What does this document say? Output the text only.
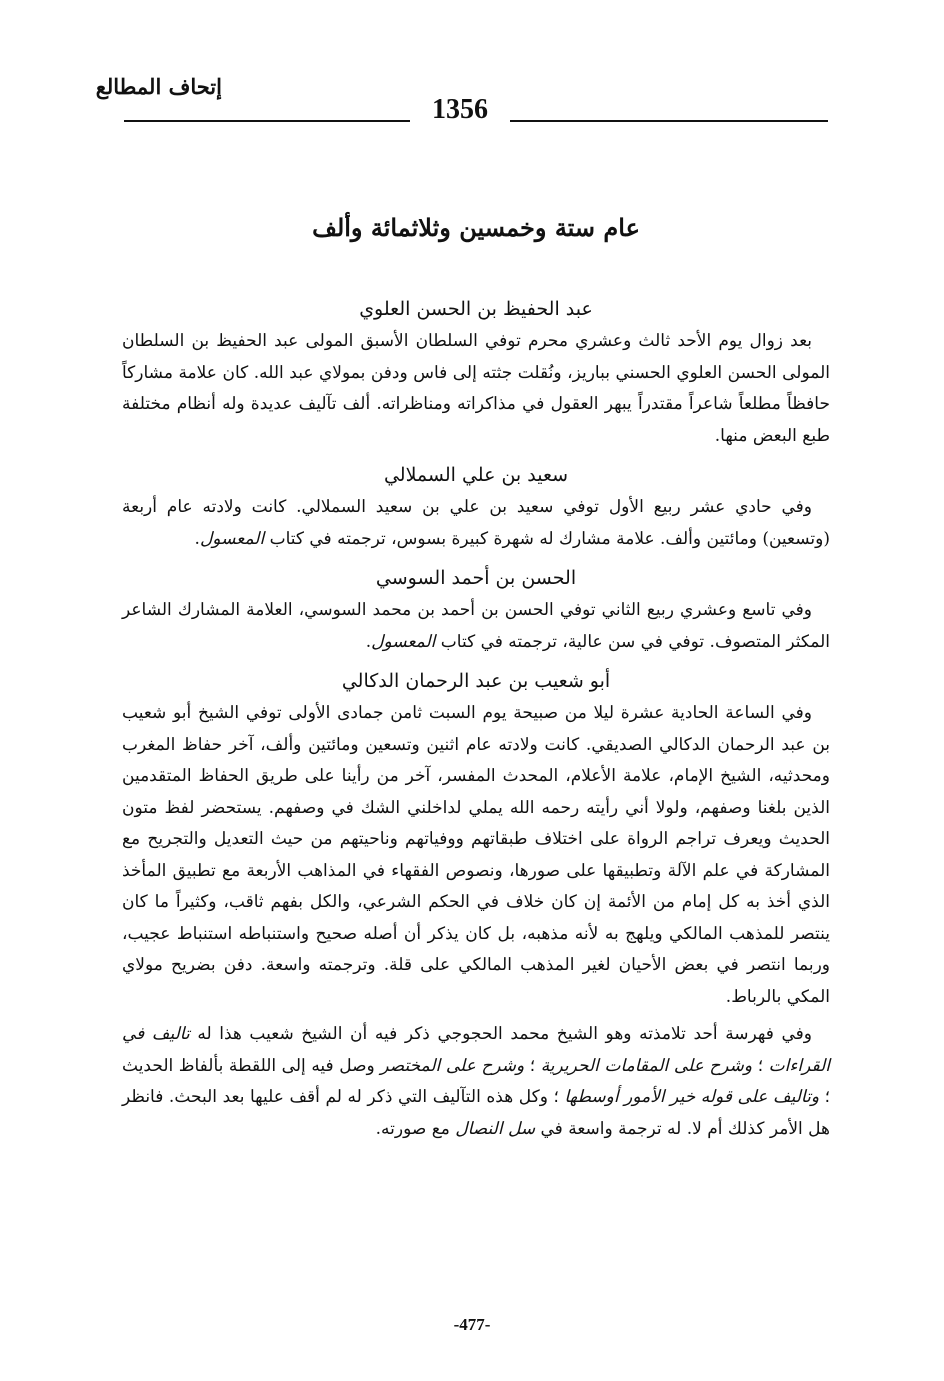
إتحاف المطالع
1356
عام ستة وخمسين وثلاثمائة وألف
عبد الحفيظ بن الحسن العلوي

بعد زوال يوم الأحد ثالث وعشري محرم توفي السلطان الأسبق المولى عبد الحفيظ بن السلطان المولى الحسن العلوي الحسني بباريز، ونُقلت جثته إلى فاس ودفن بمولاي عبد الله. كان علامة مشاركاً حافظاً مطلعاً شاعراً مقتدراً يبهر العقول في مذاكراته ومناظراته. ألف تآليف عديدة وله أنظام مختلفة طبع البعض منها.

سعيد بن علي السملالي

وفي حادي عشر ربيع الأول توفي سعيد بن علي بن سعيد السملالي. كانت ولادته عام أربعة (وتسعين) ومائتين وألف. علامة مشارك له شهرة كبيرة بسوس، ترجمته في كتاب المعسول.

الحسن بن أحمد السوسي

وفي تاسع وعشري ربيع الثاني توفي الحسن بن أحمد بن محمد السوسي، العلامة المشارك الشاعر المكثر المتصوف. توفي في سن عالية، ترجمته في كتاب المعسول.

أبو شعيب بن عبد الرحمان الدكالي

وفي الساعة الحادية عشرة ليلا من صبيحة يوم السبت ثامن جمادى الأولى توفي الشيخ أبو شعيب بن عبد الرحمان الدكالي الصديقي. كانت ولادته عام اثنين وتسعين ومائتين وألف، آخر حفاظ المغرب ومحدثيه، الشيخ الإمام، علامة الأعلام، المحدث المفسر، آخر من رأينا على طريق الحفاظ المتقدمين الذين بلغنا وصفهم، ولولا أني رأيته رحمه الله يملي لداخلني الشك في وصفهم. يستحضر لفظ متون الحديث ويعرف تراجم الرواة على اختلاف طبقاتهم ووفياتهم وناحيتهم من حيث التعديل والتجريح مع المشاركة في علم الآلة وتطبيقها على صورها، ونصوص الفقهاء في المذاهب الأربعة مع تطبيق المأخذ الذي أخذ به كل إمام من الأئمة إن كان خلاف في الحكم الشرعي، والكل بفهم ثاقب، وكثيراً ما كان ينتصر للمذهب المالكي ويلهج به لأنه مذهبه، بل كان يذكر أن أصله صحيح واستنباطه استنباط عجيب، وربما انتصر في بعض الأحيان لغير المذهب المالكي على قلة. وترجمته واسعة. دفن بضريح مولاي المكي بالرباط.

وفي فهرسة أحد تلامذته وهو الشيخ محمد الحجوجي ذكر فيه أن الشيخ شعيب هذا له تاليف في القراءات ؛ وشرح على المقامات الحريرية ؛ وشرح على المختصر وصل فيه إلى اللقطة بألفاظ الحديث ؛ وتاليف على قوله خير الأمور أوسطها ؛ وكل هذه التآليف التي ذكر له لم أقف عليها بعد البحث. فانظر هل الأمر كذلك أم لا. له ترجمة واسعة في سل النصال مع صورته.

-477-
